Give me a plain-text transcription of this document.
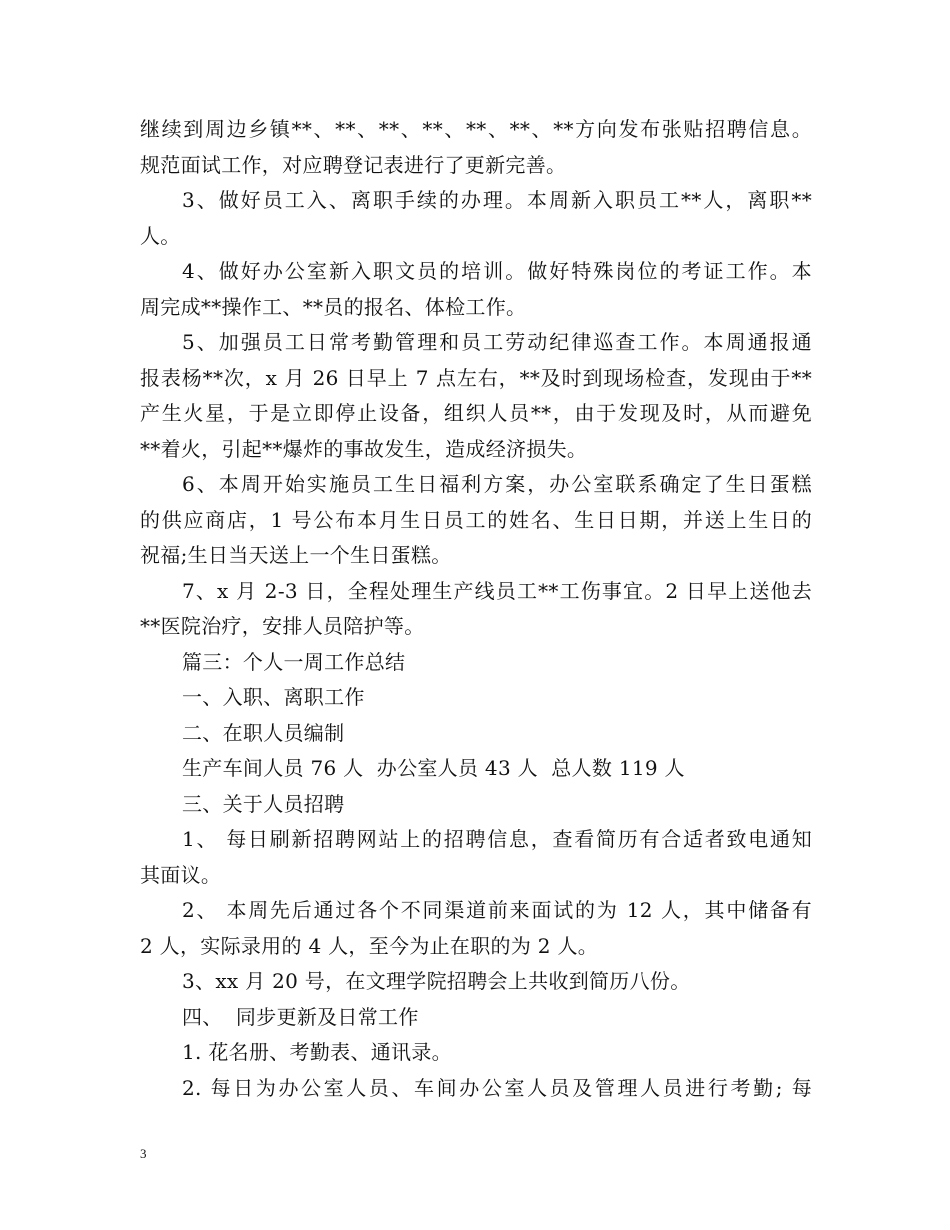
继续到周边乡镇**、**、**、**、**、**、**方向发布张贴招聘信息。
规范面试工作，对应聘登记表进行了更新完善。
3、做好员工入、离职手续的办理。本周新入职员工**人，离职**
人。
4、做好办公室新入职文员的培训。做好特殊岗位的考证工作。本
周完成**操作工、**员的报名、体检工作。
5、加强员工日常考勤管理和员工劳动纪律巡查工作。本周通报通
报表杨**次，x 月 26 日早上 7 点左右，**及时到现场检查，发现由于**
产生火星，于是立即停止设备，组织人员**，由于发现及时，从而避免
**着火，引起**爆炸的事故发生，造成经济损失。
6、本周开始实施员工生日福利方案，办公室联系确定了生日蛋糕
的供应商店，1 号公布本月生日员工的姓名、生日日期，并送上生日的
祝福;生日当天送上一个生日蛋糕。
7、x 月 2-3 日，全程处理生产线员工**工伤事宜。2 日早上送他去
**医院治疗，安排人员陪护等。
篇三：个人一周工作总结
一、入职、离职工作
二、在职人员编制
生产车间人员 76 人  办公室人员 43 人  总人数 119 人
三、关于人员招聘
1、 每日刷新招聘网站上的招聘信息，查看简历有合适者致电通知
其面议。
2、 本周先后通过各个不同渠道前来面试的为 12 人，其中储备有
2 人，实际录用的 4 人，至今为止在职的为 2 人。
3、xx 月 20 号，在文理学院招聘会上共收到简历八份。
四、  同步更新及日常工作
1. 花名册、考勤表、通讯录。
2. 每日为办公室人员、车间办公室人员及管理人员进行考勤; 每
3
